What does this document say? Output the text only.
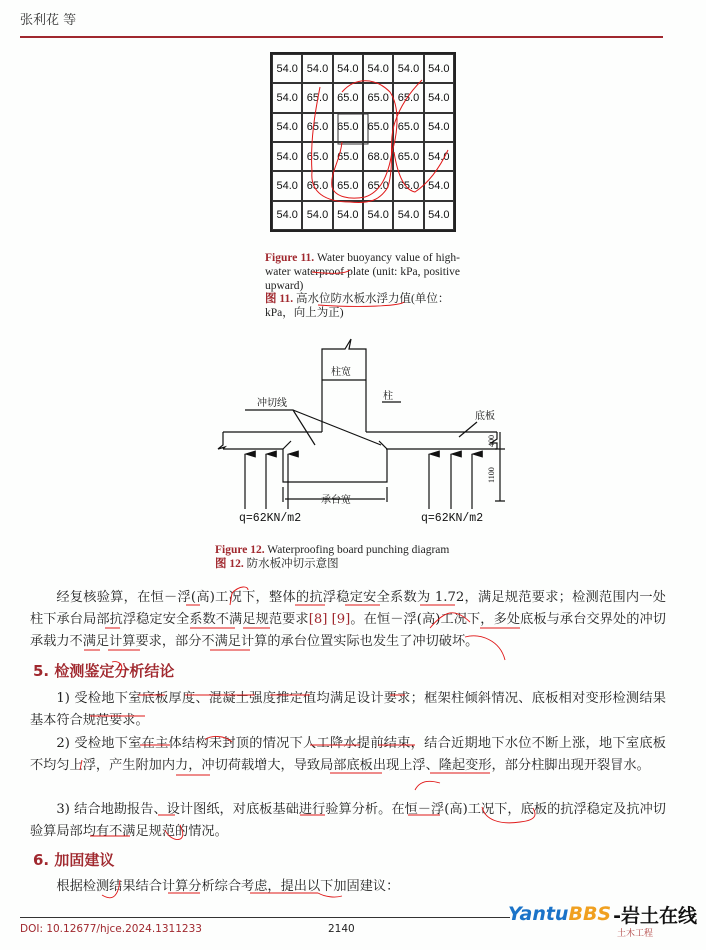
张利花 等
54.0 54.0 54.0 54.0 54.0 54.0
54.0 65.0 65.0 65.0 65.0 54.0
54.0 65.0 65.0 65.0 65.0 54.0
54.0 65.0 65.0 68.0 65.0 54.0
54.0 65.0 65.0 65.0 65.0 54.0
54.0 54.0 54.0 54.0 54.0 54.0
Figure 11. Water buoyancy value of high-water waterproof plate (unit: kPa, positive upward)
图 11. 高水位防水板水浮力值(单位：kPa，向上为正)
柱宽
柱
冲切线
底板
承台宽
400
1100
q=62KN/m2	q=62KN/m2
Figure 12. Waterproofing board punching diagram
图 12. 防水板冲切示意图
经复核验算，在恒－浮(高)工况下，整体的抗浮稳定安全系数为 1.72，满足规范要求；检测范围内一处柱下承台局部抗浮稳定安全系数不满足规范要求[8] [9]。在恒－浮(高)工况下，多处底板与承台交界处的冲切承载力不满足计算要求，部分不满足计算的承台位置实际也发生了冲切破坏。
5. 检测鉴定分析结论
1) 受检地下室底板厚度、混凝土强度推定值均满足设计要求；框架柱倾斜情况、底板相对变形检测结果基本符合规范要求。
2) 受检地下室在主体结构未封顶的情况下人工降水提前结束，结合近期地下水位不断上涨，地下室底板不均匀上浮，产生附加内力，冲切荷载增大，导致局部底板出现上浮、隆起变形，部分柱脚出现开裂冒水。
3) 结合地勘报告、设计图纸，对底板基础进行验算分析。在恒－浮(高)工况下，底板的抗浮稳定及抗冲切验算局部均有不满足规范的情况。
6. 加固建议
根据检测结果结合计算分析综合考虑，提出以下加固建议：
DOI: 10.12677/hjce.2024.1311233	2140
Yantu BBS -岩土在线
土木工程
